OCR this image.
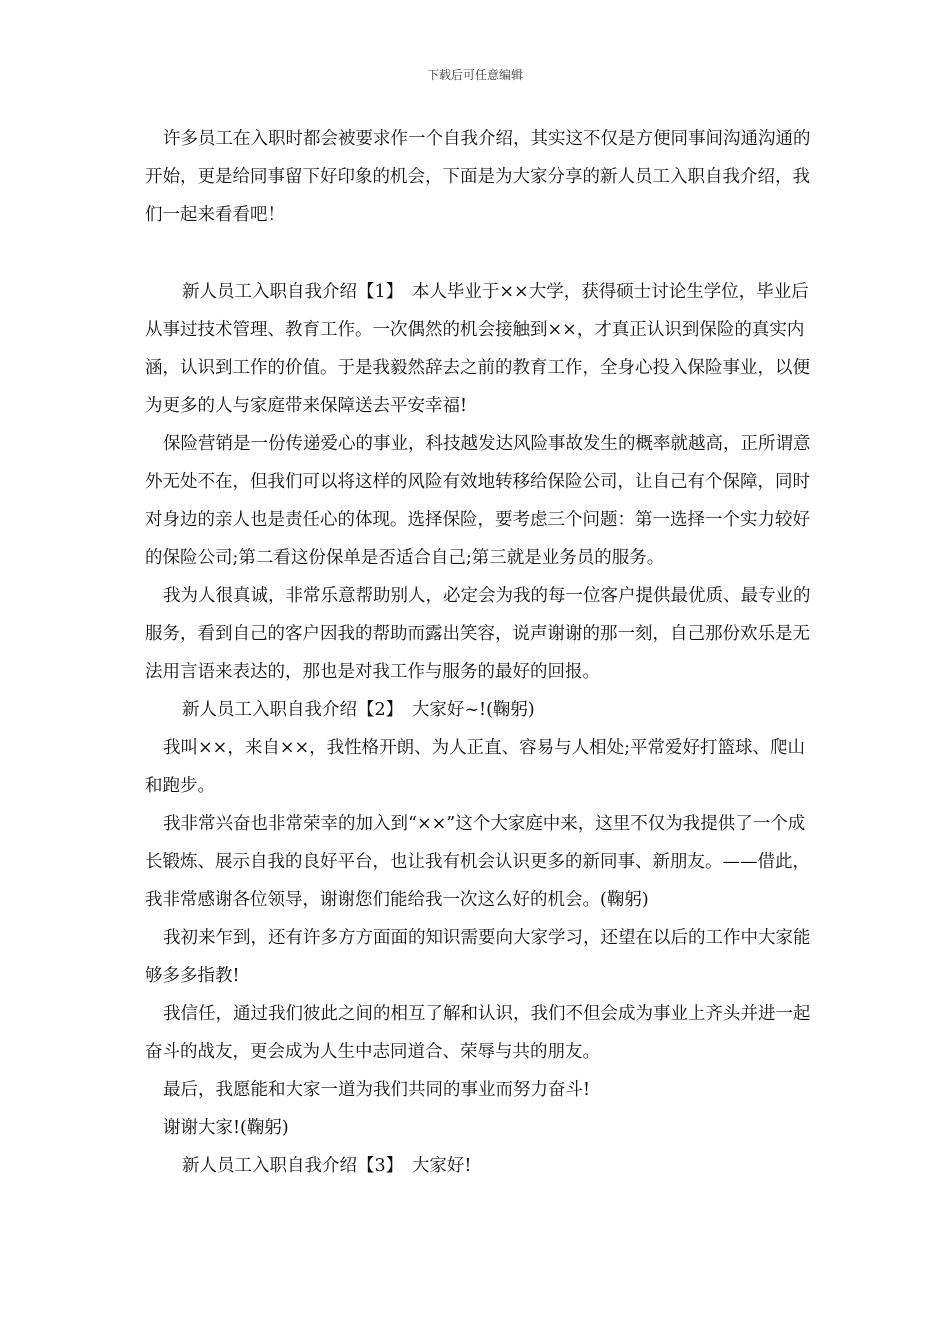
下载后可任意编辑

许多员工在入职时都会被要求作一个自我介绍，其实这不仅是方便同事间沟通沟通的开始，更是给同事留下好印象的机会，下面是为大家分享的新人员工入职自我介绍，我们一起来看看吧！

新人员工入职自我介绍【1】　本人毕业于××大学，获得硕士讨论生学位，毕业后从事过技术管理、教育工作。一次偶然的机会接触到××，才真正认识到保险的真实内涵，认识到工作的价值。于是我毅然辞去之前的教育工作，全身心投入保险事业，以便为更多的人与家庭带来保障送去平安幸福!

保险营销是一份传递爱心的事业，科技越发达风险事故发生的概率就越高，正所谓意外无处不在，但我们可以将这样的风险有效地转移给保险公司，让自己有个保障，同时对身边的亲人也是责任心的体现。选择保险，要考虑三个问题：第一选择一个实力较好的保险公司;第二看这份保单是否适合自己;第三就是业务员的服务。

我为人很真诚，非常乐意帮助别人，必定会为我的每一位客户提供最优质、最专业的服务，看到自己的客户因我的帮助而露出笑容，说声谢谢的那一刻，自己那份欢乐是无法用言语来表达的，那也是对我工作与服务的最好的回报。

新人员工入职自我介绍【2】　大家好~!(鞠躬)

我叫××，来自××，我性格开朗、为人正直、容易与人相处;平常爱好打篮球、爬山和跑步。

我非常兴奋也非常荣幸的加入到“××”这个大家庭中来，这里不仅为我提供了一个成长锻炼、展示自我的良好平台，也让我有机会认识更多的新同事、新朋友。——借此，我非常感谢各位领导，谢谢您们能给我一次这么好的机会。(鞠躬)

我初来乍到，还有许多方方面面的知识需要向大家学习，还望在以后的工作中大家能够多多指教!

我信任，通过我们彼此之间的相互了解和认识，我们不但会成为事业上齐头并进一起奋斗的战友，更会成为人生中志同道合、荣辱与共的朋友。

最后，我愿能和大家一道为我们共同的事业而努力奋斗!

谢谢大家!(鞠躬)

新人员工入职自我介绍【3】　大家好!
